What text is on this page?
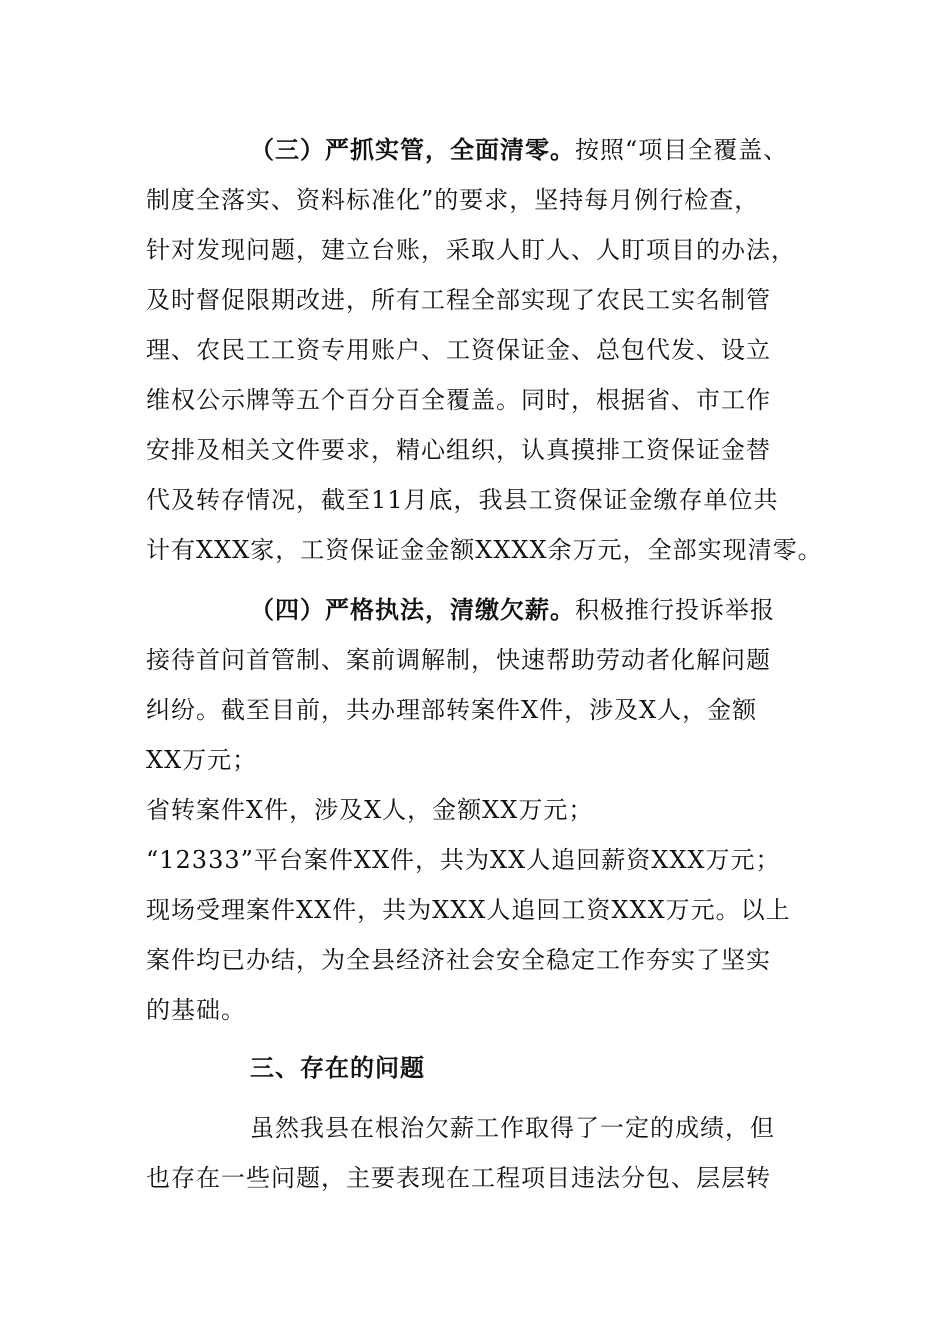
（三）严抓实管，全面清零。按照“项目全覆盖、
制度全落实、资料标准化”的要求，坚持每月例行检查，
针对发现问题，建立台账，采取人盯人、人盯项目的办法，
及时督促限期改进，所有工程全部实现了农民工实名制管
理、农民工工资专用账户、工资保证金、总包代发、设立
维权公示牌等五个百分百全覆盖。同时，根据省、市工作
安排及相关文件要求，精心组织，认真摸排工资保证金替
代及转存情况，截至11月底，我县工资保证金缴存单位共
计有XXX家，工资保证金金额XXXX余万元，全部实现清零。
（四）严格执法，清缴欠薪。积极推行投诉举报
接待首问首管制、案前调解制，快速帮助劳动者化解问题
纠纷。截至目前，共办理部转案件X件，涉及X人，金额
XX万元；
省转案件X件，涉及X人，金额XX万元；
“12333”平台案件XX件，共为XX人追回薪资XXX万元；
现场受理案件XX件，共为XXX人追回工资XXX万元。以上
案件均已办结，为全县经济社会安全稳定工作夯实了坚实
的基础。
三、存在的问题
虽然我县在根治欠薪工作取得了一定的成绩，但
也存在一些问题，主要表现在工程项目违法分包、层层转
